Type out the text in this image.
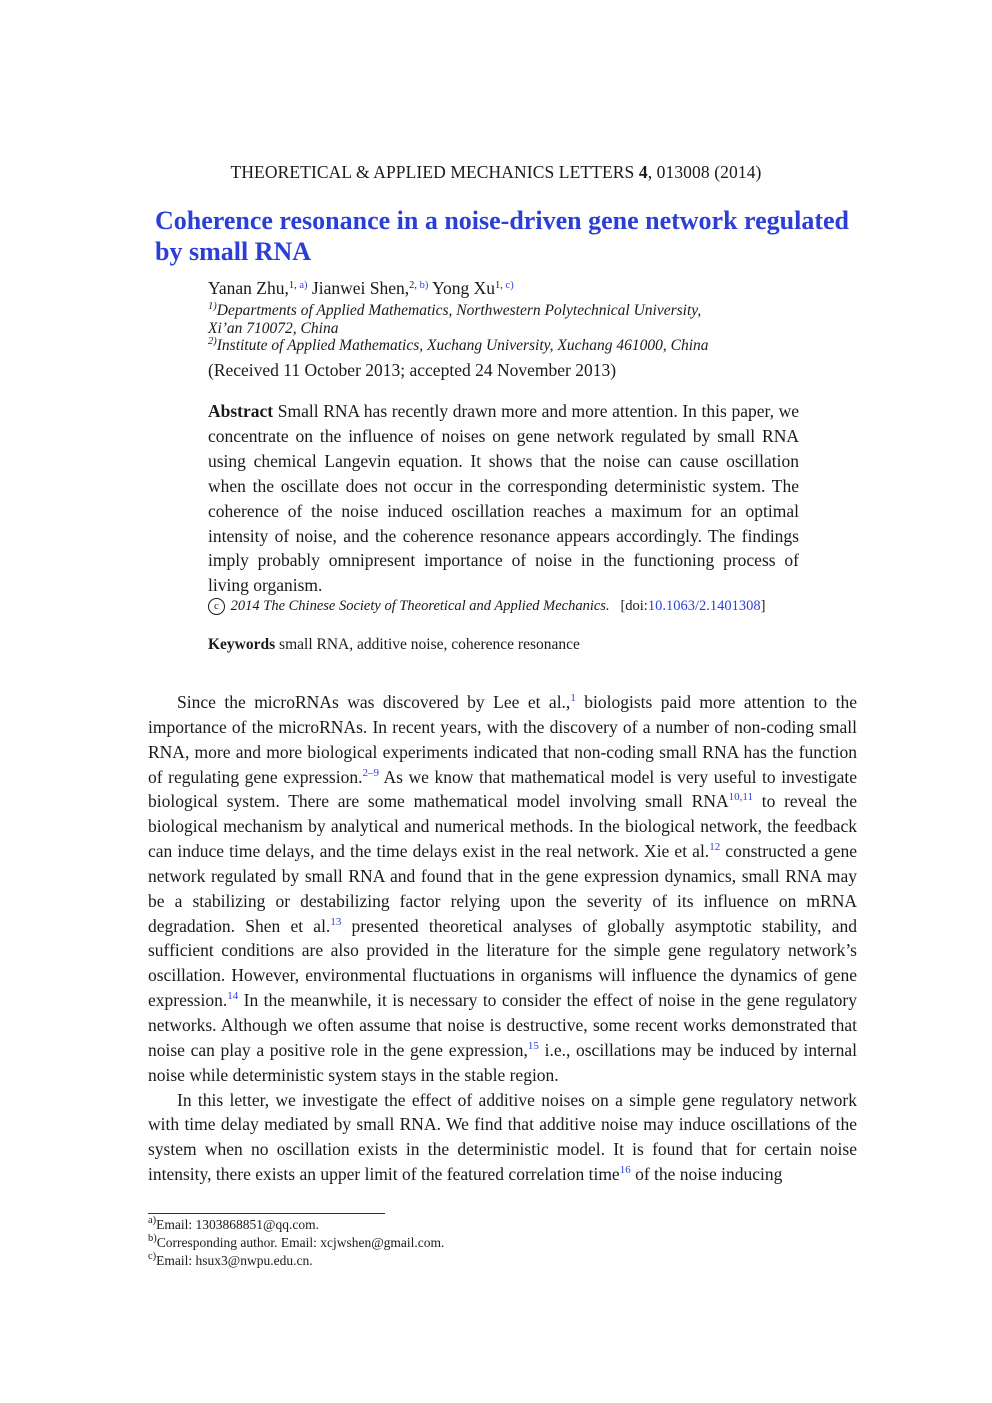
THEORETICAL & APPLIED MECHANICS LETTERS 4, 013008 (2014)
Coherence resonance in a noise-driven gene network regulated by small RNA
Yanan Zhu,$^{1, a)}$ Jianwei Shen,$^{2, b)}$ Yong Xu$^{1, c)}$
$^{1)}$Departments of Applied Mathematics, Northwestern Polytechnical University,
Xi’an 710072, China
$^{2)}$Institute of Applied Mathematics, Xuchang University, Xuchang 461000, China
(Received 11 October 2013; accepted 24 November 2013)
Abstract Small RNA has recently drawn more and more attention. In this paper, we concentrate on the influence of noises on gene network regulated by small RNA using chemical Langevin equation. It shows that the noise can cause oscillation when the oscillate does not occur in the corresponding deterministic system. The coherence of the noise induced oscillation reaches a maximum for an optimal intensity of noise, and the coherence resonance appears accordingly. The findings imply probably omnipresent importance of noise in the functioning process of living organism.
c 2014 The Chinese Society of Theoretical and Applied Mechanics. [doi:10.1063/2.1401308]
Keywords small RNA, additive noise, coherence resonance

Since the microRNAs was discovered by Lee et al.,$^1$ biologists paid more attention to the importance of the microRNAs. In recent years, with the discovery of a number of non-coding small RNA, more and more biological experiments indicated that non-coding small RNA has the function of regulating gene expression.$^{2-9}$ As we know that mathematical model is very useful to investigate biological system. There are some mathematical model involving small RNA$^{10,11}$ to reveal the biological mechanism by analytical and numerical methods. In the biological network, the feedback can induce time delays, and the time delays exist in the real network. Xie et al.$^{12}$ constructed a gene network regulated by small RNA and found that in the gene expression dynamics, small RNA may be a stabilizing or destabilizing factor relying upon the severity of its influence on mRNA degradation. Shen et al.$^{13}$ presented theoretical analyses of globally asymptotic stability, and sufficient conditions are also provided in the literature for the simple gene regulatory network’s oscillation. However, environmental fluctuations in organisms will influence the dynamics of gene expression.$^{14}$ In the meanwhile, it is necessary to consider the effect of noise in the gene regulatory networks. Although we often assume that noise is destructive, some recent works demonstrated that noise can play a positive role in the gene expression,$^{15}$ i.e., oscillations may be induced by internal noise while deterministic system stays in the stable region.

In this letter, we investigate the effect of additive noises on a simple gene regulatory network with time delay mediated by small RNA. We find that additive noise may induce oscillations of the system when no oscillation exists in the deterministic model. It is found that for certain noise intensity, there exists an upper limit of the featured correlation time$^{16}$ of the noise inducing

$^{a)}$Email: 1303868851@qq.com.
$^{b)}$Corresponding author. Email: xcjwshen@gmail.com.
$^{c)}$Email: hsux3@nwpu.edu.cn.
